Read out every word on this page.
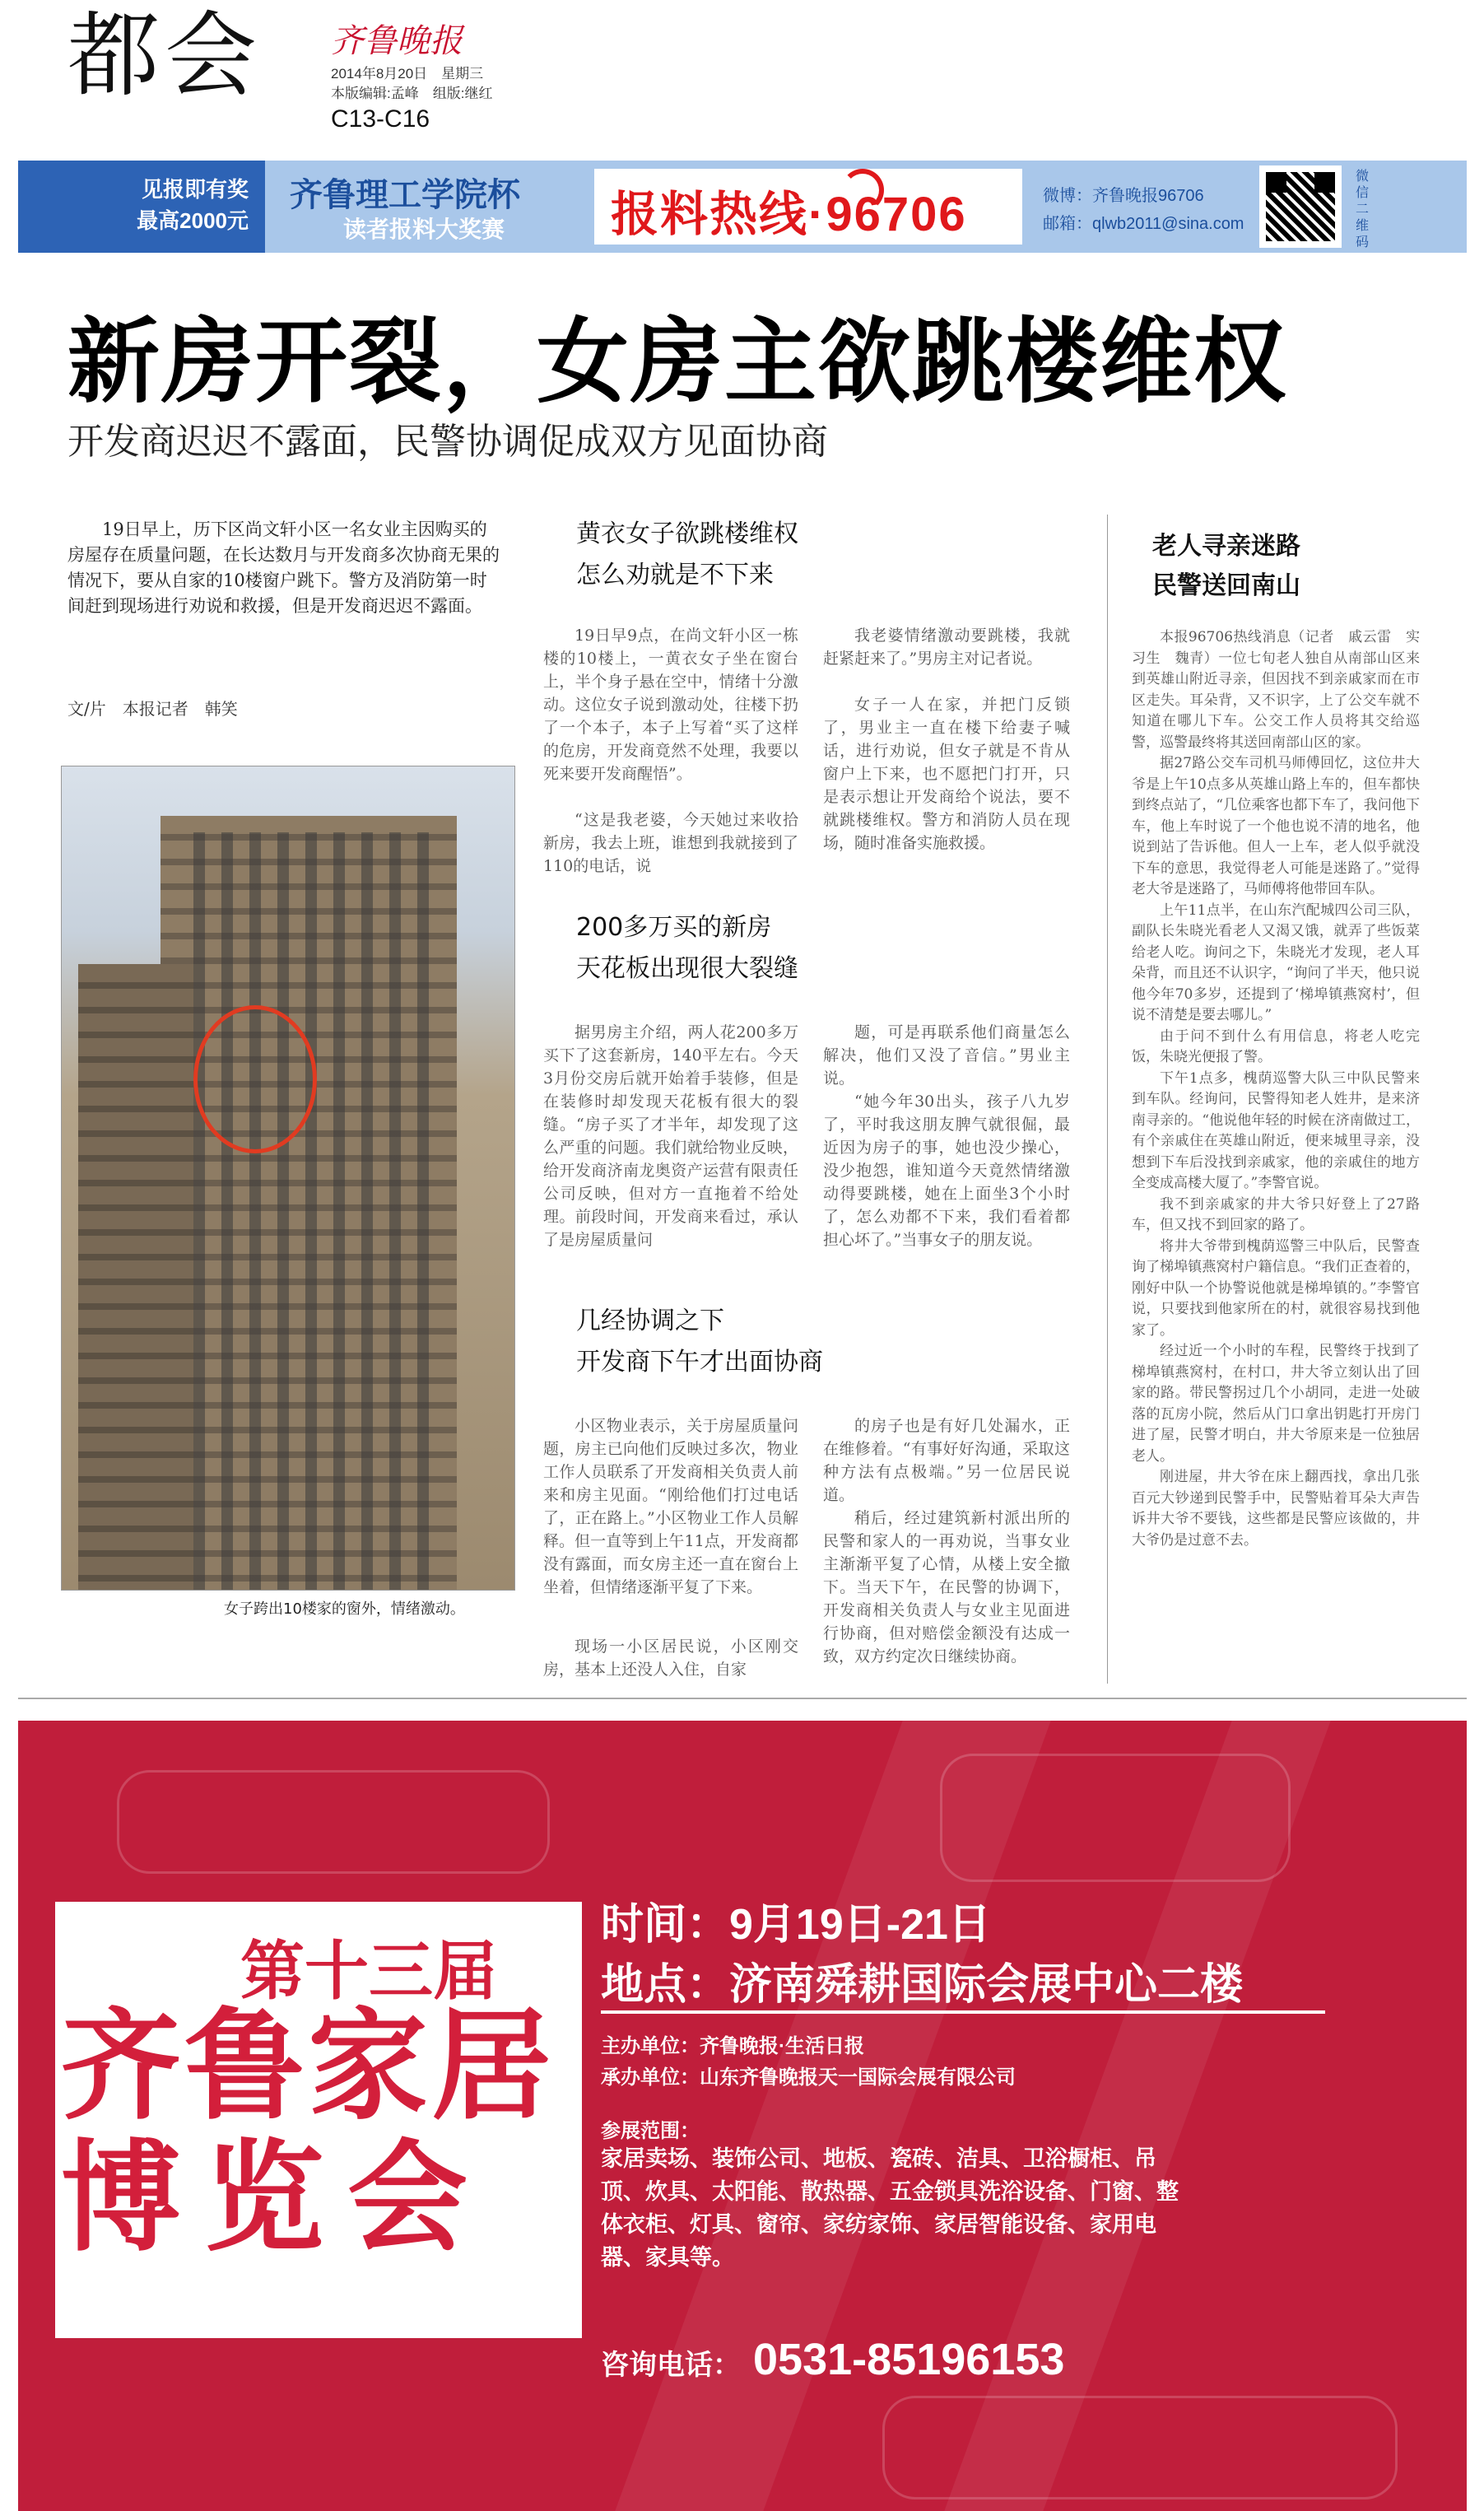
都会 齐鲁晚报
2014年8月20日　星期三
本版编辑:孟峰　组版:继红
C13-C16
见报即有奖
最高2000元
齐鲁理工学院杯
读者报料大奖赛 报料热线·96706	微博：齐鲁晚报96706
邮箱：qlwb2011@sina.com
微信二维码
新房开裂，女房主欲跳楼维权
开发商迟迟不露面，民警协调促成双方见面协商
19日早上，历下区尚文轩小区一名女业主因购买的房屋存在质量问题，在长达数月与开发商多次协商无果的情况下，要从自家的10楼窗户跳下。警方及消防第一时间赶到现场进行劝说和救援，但是开发商迟迟不露面。
文/片　本报记者　韩笑
女子跨出10楼家的窗外，情绪激动。
黄衣女子欲跳楼维权
怎么劝就是不下来
19日早9点，在尚文轩小区一栋楼的10楼上，一黄衣女子坐在窗台上，半个身子悬在空中，情绪十分激动。这位女子说到激动处，往楼下扔了一个本子，本子上写着“买了这样的危房，开发商竟然不处理，我要以死来要开发商醒悟”。
“这是我老婆，今天她过来收拾新房，我去上班，谁想到我就接到了110的电话，说
200多万买的新房
天花板出现很大裂缝
据男房主介绍，两人花200多万买下了这套新房，140平左右。今天3月份交房后就开始着手装修，但是在装修时却发现天花板有很大的裂缝。“房子买了才半年，却发现了这么严重的问题。我们就给物业反映，给开发商济南龙奥资产运营有限责任公司反映，但对方一直拖着不给处理。前段时间，开发商来看过，承认了是房屋质量问
几经协调之下
开发商下午才出面协商
小区物业表示，关于房屋质量问题，房主已向他们反映过多次，物业工作人员联系了开发商相关负责人前来和房主见面。“刚给他们打过电话了，正在路上。”小区物业工作人员解释。但一直等到上午11点，开发商都没有露面，而女房主还一直在窗台上坐着，但情绪逐渐平复了下来。
现场一小区居民说，小区刚交房，基本上还没人入住，自家
我老婆情绪激动要跳楼，我就赶紧赶来了。”男房主对记者说。
女子一人在家，并把门反锁了，男业主一直在楼下给妻子喊话，进行劝说，但女子就是不肯从窗户上下来，也不愿把门打开，只是表示想让开发商给个说法，要不就跳楼维权。警方和消防人员在现场，随时准备实施救援。
题，可是再联系他们商量怎么解决，他们又没了音信。”男业主说。
“她今年30出头，孩子八九岁了，平时我这朋友脾气就很倔，最近因为房子的事，她也没少操心，没少抱怨，谁知道今天竟然情绪激动得要跳楼，她在上面坐3个小时了，怎么劝都不下来，我们看着都担心坏了。”当事女子的朋友说。
的房子也是有好几处漏水，正在维修着。“有事好好沟通，采取这种方法有点极端。”另一位居民说道。
稍后，经过建筑新村派出所的民警和家人的一再劝说，当事女业主渐渐平复了心情，从楼上安全撤下。当天下午，在民警的协调下，开发商相关负责人与女业主见面进行协商，但对赔偿金额没有达成一致，双方约定次日继续协商。
老人寻亲迷路
民警送回南山
本报96706热线消息（记者　戚云雷　实习生　魏青）一位七旬老人独自从南部山区来到英雄山附近寻亲，但因找不到亲戚家而在市区走失。耳朵背，又不识字，上了公交车就不知道在哪儿下车。公交工作人员将其交给巡警，巡警最终将其送回南部山区的家。
据27路公交车司机马师傅回忆，这位井大爷是上午10点多从英雄山路上车的，但车都快到终点站了，“几位乘客也都下车了，我问他下车，他上车时说了一个他也说不清的地名，他说到站了告诉他。但人一上车，老人似乎就没下车的意思，我觉得老人可能是迷路了。”觉得老大爷是迷路了，马师傅将他带回车队。
上午11点半，在山东汽配城四公司三队，副队长朱晓光看老人又渴又饿，就弄了些饭菜给老人吃。询问之下，朱晓光才发现，老人耳朵背，而且还不认识字，“询问了半天，他只说他今年70多岁，还提到了‘梯埠镇燕窝村’，但说不清楚是要去哪儿。”
由于问不到什么有用信息，将老人吃完饭，朱晓光便报了警。
下午1点多，槐荫巡警大队三中队民警来到车队。经询问，民警得知老人姓井，是来济南寻亲的。“他说他年轻的时候在济南做过工，有个亲戚住在英雄山附近，便来城里寻亲，没想到下车后没找到亲戚家，他的亲戚住的地方全变成高楼大厦了。”李警官说。
我不到亲戚家的井大爷只好登上了27路车，但又找不到回家的路了。
将井大爷带到槐荫巡警三中队后，民警查询了梯埠镇燕窝村户籍信息。“我们正查着的，刚好中队一个协警说他就是梯埠镇的。”李警官说，只要找到他家所在的村，就很容易找到他家了。
经过近一个小时的车程，民警终于找到了梯埠镇燕窝村，在村口，井大爷立刻认出了回家的路。带民警拐过几个小胡同，走进一处破落的瓦房小院，然后从门口拿出钥匙打开房门进了屋，民警才明白，井大爷原来是一位独居老人。
刚进屋，井大爷在床上翻西找，拿出几张百元大钞递到民警手中，民警贴着耳朵大声告诉井大爷不要钱，这些都是民警应该做的，井大爷仍是过意不去。
第十三届
齐鲁家居
博览会
时间：9月19日-21日
地点：济南舜耕国际会展中心二楼
主办单位：齐鲁晚报·生活日报
承办单位：山东齐鲁晚报天一国际会展有限公司
参展范围：
家居卖场、装饰公司、地板、瓷砖、洁具、卫浴橱柜、吊顶、炊具、太阳能、散热器、五金锁具洗浴设备、门窗、整体衣柜、灯具、窗帘、家纺家饰、家居智能设备、家用电器、家具等。
咨询电话： 0531-85196153
